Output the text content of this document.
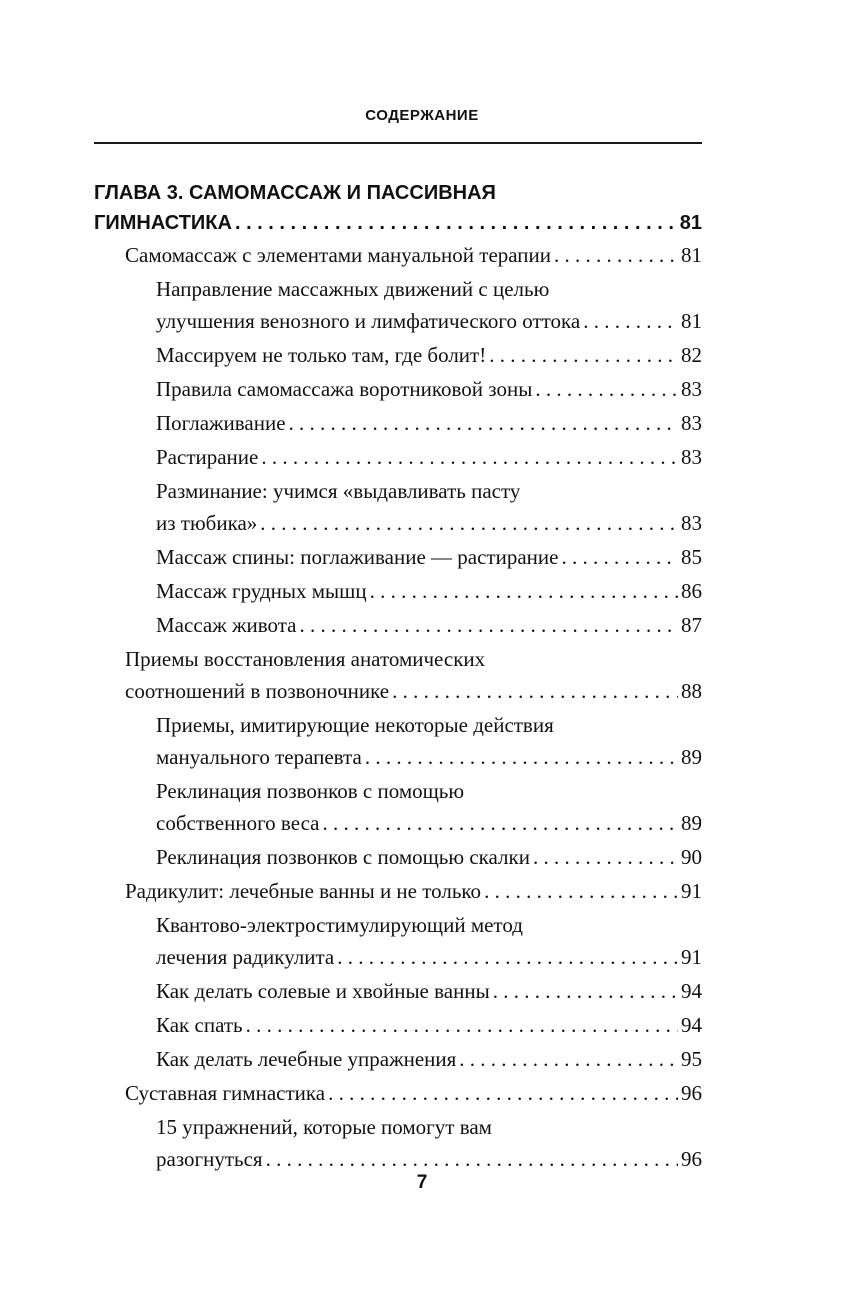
СОДЕРЖАНИЕ
ГЛАВА 3. САМОМАССАЖ И ПАССИВНАЯ
ГИМНАСТИКА . . .	81
Самомассаж с элементами мануальной терапии . . .	81
Направление массажных движений с целью
улучшения венозного и лимфатического оттока . . .	81
Массируем не только там, где болит! . . .	82
Правила самомассажа воротниковой зоны . . .	83
Поглаживание . . .	83
Растирание . . .	83
Разминание: учимся «выдавливать пасту
из тюбика» . . .	83
Массаж спины: поглаживание — растирание . . .	85
Массаж грудных мышц . . .	86
Массаж живота . . .	87
Приемы восстановления анатомических
соотношений в позвоночнике . . .	88
Приемы, имитирующие некоторые действия
мануального терапевта . . .	89
Реклинация позвонков с помощью
собственного веса . . .	89
Реклинация позвонков с помощью скалки . . .	90
Радикулит: лечебные ванны и не только . . .	91
Квантово-электростимулирующий метод
лечения радикулита . . .	91
Как делать солевые и хвойные ванны . . .	94
Как спать . . .	94
Как делать лечебные упражнения . . .	95
Суставная гимнастика . . .	96
15 упражнений, которые помогут вам
разогнуться . . .	96
7
